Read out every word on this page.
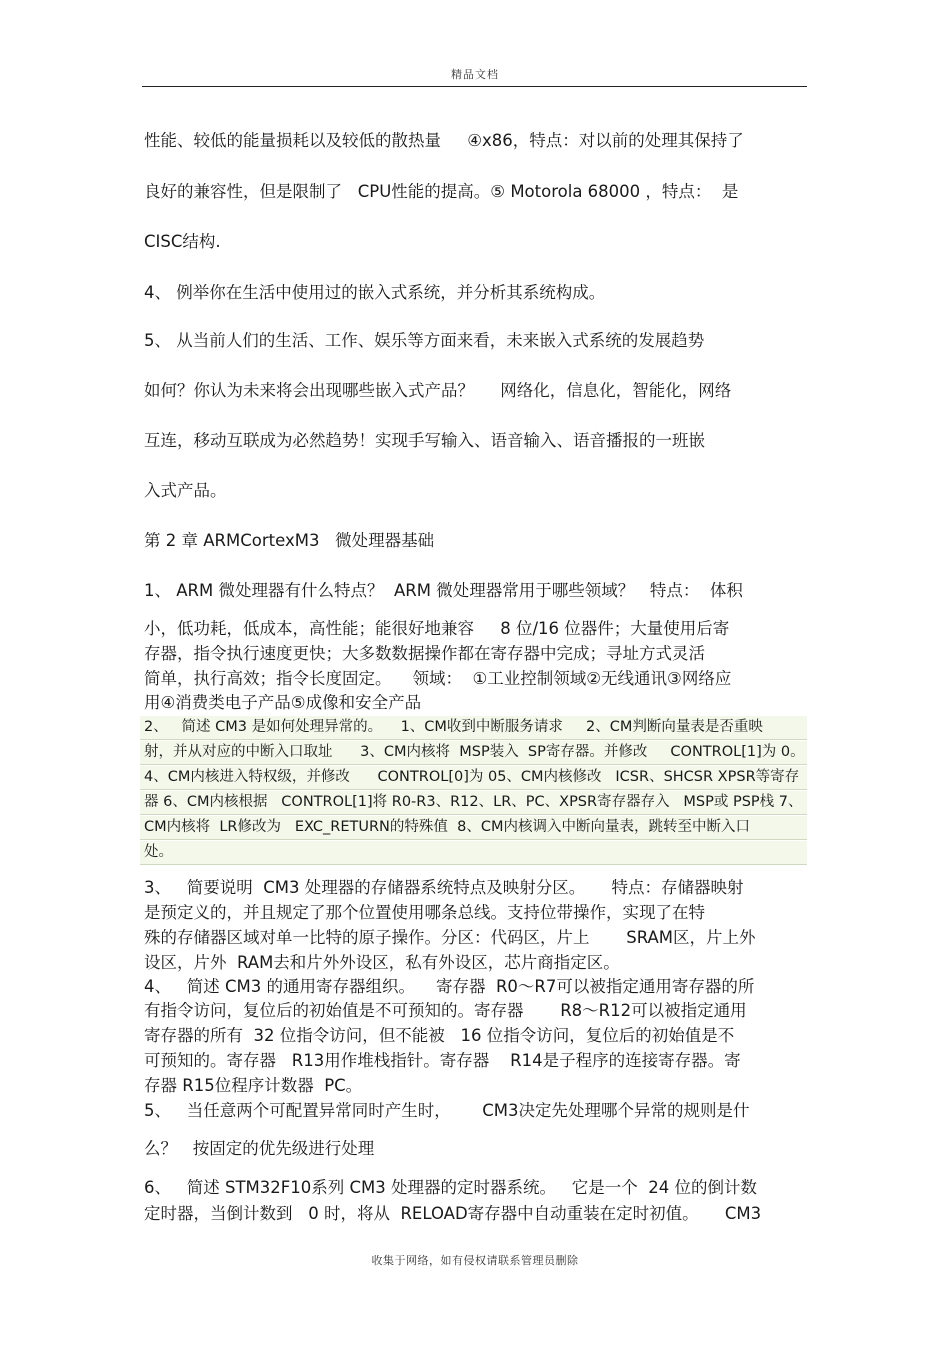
精品文档
性能、较低的能量损耗以及较低的散热量     ④x86，特点：对以前的处理其保持了
良好的兼容性，但是限制了   CPU性能的提高。⑤ Motorola 68000 ，特点：  是
CISC结构.
4、 例举你在生活中使用过的嵌入式系统，并分析其系统构成。
5、 从当前人们的生活、工作、娱乐等方面来看，未来嵌入式系统的发展趋势
如何？你认为未来将会出现哪些嵌入式产品？     网络化，信息化，智能化，网络
互连，移动互联成为必然趋势！实现手写输入、语音输入、语音播报的一班嵌
入式产品。
第 2 章 ARMCortexM3   微处理器基础
1、 ARM 微处理器有什么特点？  ARM 微处理器常用于哪些领域？   特点：  体积
小，低功耗，低成本，高性能；能很好地兼容     8 位/16 位器件；大量使用后寄
存器，指令执行速度更快；大多数数据操作都在寄存器中完成；寻址方式灵活
简单，执行高效；指令长度固定。    领域：  ①工业控制领域②无线通讯③网络应
用④消费类电子产品⑤成像和安全产品
2、   简述 CM3 是如何处理异常的。    1、CM收到中断服务请求     2、CM判断向量表是否重映
射，并从对应的中断入口取址      3、CM内核将  MSP装入  SP寄存器。并修改     CONTROL[1]为 0。
4、CM内核进入特权级，并修改      CONTROL[0]为 05、CM内核修改   ICSR、SHCSR XPSR等寄存
器 6、CM内核根据   CONTROL[1]将 R0-R3、R12、LR、PC、XPSR寄存器存入   MSP或 PSP栈 7、
CM内核将  LR修改为   EXC_RETURN的特殊值  8、CM内核调入中断向量表，跳转至中断入口
处。
3、   简要说明  CM3 处理器的存储器系统特点及映射分区。     特点：存储器映射
是预定义的，并且规定了那个位置使用哪条总线。支持位带操作，实现了在特
殊的存储器区域对单一比特的原子操作。分区：代码区，片上       SRAM区，片上外
设区，片外  RAM去和片外外设区，私有外设区，芯片商指定区。
4、   简述 CM3 的通用寄存器组织。    寄存器  R0～R7可以被指定通用寄存器的所
有指令访问，复位后的初始值是不可预知的。寄存器       R8～R12可以被指定通用
寄存器的所有  32 位指令访问，但不能被   16 位指令访问，复位后的初始值是不
可预知的。寄存器   R13用作堆栈指针。寄存器    R14是子程序的连接寄存器。寄
存器 R15位程序计数器  PC。
5、   当任意两个可配置异常同时产生时，      CM3决定先处理哪个异常的规则是什
么？   按固定的优先级进行处理
6、   简述 STM32F10系列 CM3 处理器的定时器系统。   它是一个  24 位的倒计数
定时器，当倒计数到   0 时，将从  RELOAD寄存器中自动重装在定时初值。     CM3
收集于网络，如有侵权请联系管理员删除
